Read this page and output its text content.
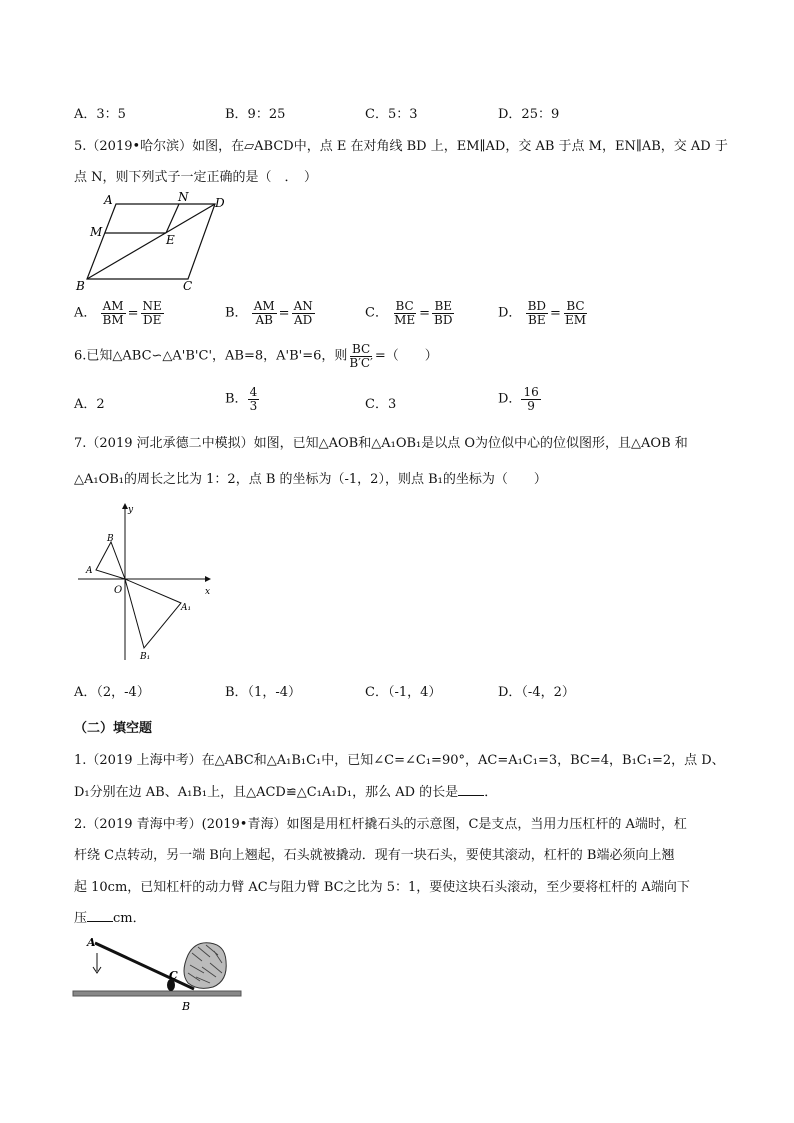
A．3：5	B．9：25	C．5：3	D．25：9
5.（2019•哈尔滨）如图，在▱ABCD中，点 E 在对角线 BD 上，EM∥AD，交 AB 于点 M，EN∥AB，交 AD 于
点 N，则下列式子一定正确的是（　．　）
A	N D
M
E
B	C
A． $\frac{AM}{BM} = \frac{NE}{DE}$	B． $\frac{AM}{AB} = \frac{AN}{AD}$	C． $\frac{BC}{ME} = \frac{BE}{BD}$	D． $\frac{BD}{BE} = \frac{BC}{EM}$
6.已知△ABC∽△A'B'C'，AB=8，A'B'=6，则 $\frac{BC}{B'C'}$ =（　　）
A．2	B． $\frac{4}{3}$	C．3	D． $\frac{16}{9}$
7.（2019 河北承德二中模拟）如图，已知△AOB和△A₁OB₁是以点 O为位似中心的位似图形，且△AOB 和
△A₁OB₁的周长之比为 1：2，点 B 的坐标为（-1，2），则点 B₁的坐标为（　　）
y
x
O
A
B
A₁
B₁
A．（2，-4）	B．（1，-4）	C．（-1，4）	D．（-4，2）
（二）填空题
1.（2019 上海中考）在△ABC和△A₁B₁C₁中，已知∠C=∠C₁=90°，AC=A₁C₁=3，BC=4，B₁C₁=2，点 D、
D₁分别在边 AB、A₁B₁上，且△ACD≌△C₁A₁D₁，那么 AD 的长是 ．
2.（2019 青海中考）(2019•青海）如图是用杠杆撬石头的示意图，C是支点，当用力压杠杆的 A端时，杠
杆绕 C点转动，另一端 B向上翘起，石头就被撬动．现有一块石头，要使其滚动，杠杆的 B端必须向上翘
起 10cm，已知杠杆的动力臂 AC与阻力臂 BC之比为 5：1，要使这块石头滚动，至少要将杠杆的 A端向下
压 cm．
A
C
B
